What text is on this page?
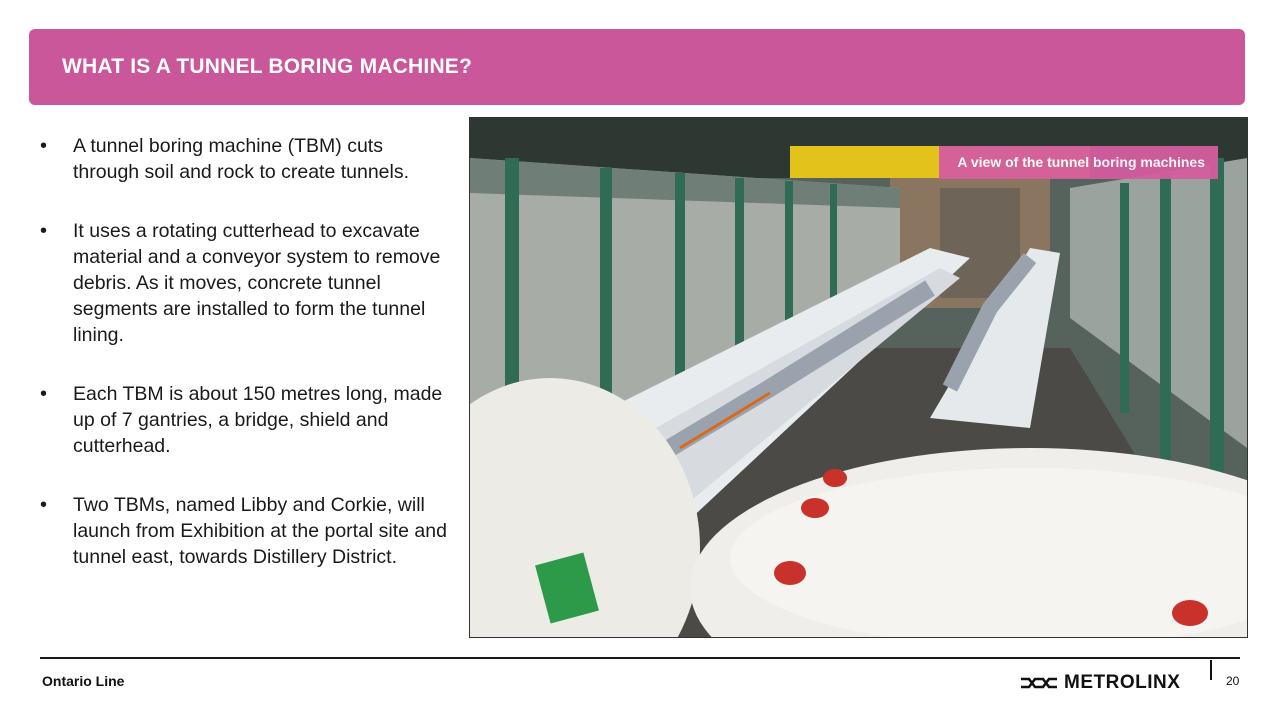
WHAT IS A TUNNEL BORING MACHINE?
• A tunnel boring machine (TBM) cuts through soil and rock to create tunnels.
• It uses a rotating cutterhead to excavate material and a conveyor system to remove debris. As it moves, concrete tunnel segments are installed to form the tunnel lining.
• Each TBM is about 150 metres long, made up of 7 gantries, a bridge, shield and cutterhead.
• Two TBMs, named Libby and Corkie, will launch from Exhibition at the portal site and tunnel east, towards Distillery District.
A view of the tunnel boring machines
Ontario Line	METROLINX	20
